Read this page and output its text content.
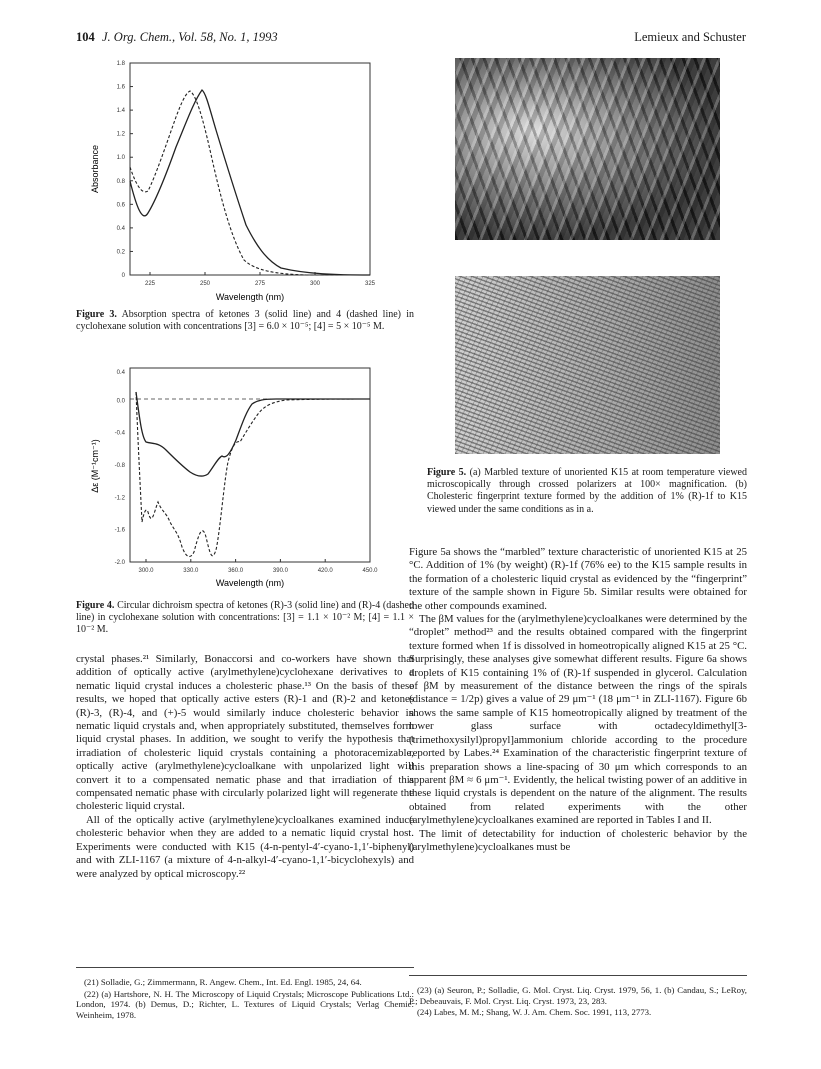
104 J. Org. Chem., Vol. 58, No. 1, 1993	Lemieux and Schuster
0
0.2
0.4
0.6
0.8
1.0
1.2
1.4
1.6
1.8
225	250	275	300	325
Absorbance
Wavelength (nm)
Figure 3. Absorption spectra of ketones 3 (solid line) and 4 (dashed line) in cyclohexane solution with concentrations [3] = 6.0 × 10⁻⁵; [4] = 5 × 10⁻⁵ M.
0.4
0.0
-0.4
-0.8
-1.2
-1.6
-2.0
300.0	330.0	360.0	390.0	420.0	450.0
Δε (M⁻¹cm⁻¹)
Wavelength (nm)
Figure 4. Circular dichroism spectra of ketones (R)-3 (solid line) and (R)-4 (dashed line) in cyclohexane solution with concentrations: [3] = 1.1 × 10⁻² M; [4] = 1.1 × 10⁻² M.

crystal phases.²¹ Similarly, Bonaccorsi and co-workers have shown that addition of optically active (arylmethylene)cyclohexane derivatives to a nematic liquid crystal induces a cholesteric phase.¹³ On the basis of these results, we hoped that optically active esters (R)-1 and (R)-2 and ketones (R)-3, (R)-4, and (+)-5 would similarly induce cholesteric behavior in nematic liquid crystals and, when appropriately substituted, themselves form liquid crystal phases. In addition, we sought to verify the hypothesis that irradiation of cholesteric liquid crystals containing a photoracemizable, optically active (arylmethylene)cycloalkane with unpolarized light will convert it to a compensated nematic phase and that irradiation of this compensated nematic phase with circularly polarized light will regenerate the cholesteric liquid crystal.

All of the optically active (arylmethylene)cycloalkanes examined induce cholesteric behavior when they are added to a nematic liquid crystal host. Experiments were conducted with K15 (4-n-pentyl-4′-cyano-1,1′-biphenyl) and with ZLI-1167 (a mixture of 4-n-alkyl-4′-cyano-1,1′-bicyclohexyls) and were analyzed by optical microscopy.²²

(21) Solladie, G.; Zimmermann, R. Angew. Chem., Int. Ed. Engl. 1985, 24, 64.

(22) (a) Hartshore, N. H. The Microscopy of Liquid Crystals; Microscope Publications Ltd.: London, 1974. (b) Demus, D.; Richter, L. Textures of Liquid Crystals; Verlag Chemie: Weinheim, 1978.

Figure 5. (a) Marbled texture of unoriented K15 at room temperature viewed microscopically through crossed polarizers at 100× magnification. (b) Cholesteric fingerprint texture formed by the addition of 1% (R)-1f to K15 viewed under the same conditions as in a.

Figure 5a shows the “marbled” texture characteristic of unoriented K15 at 25 °C. Addition of 1% (by weight) (R)-1f (76% ee) to the K15 sample results in the formation of a cholesteric liquid crystal as evidenced by the “fingerprint” texture of the sample shown in Figure 5b. Similar results were obtained for the other compounds examined.

The βM values for the (arylmethylene)cycloalkanes were determined by the “droplet” method²³ and the results obtained compared with the fingerprint texture formed when 1f is dissolved in homeotropically aligned K15 at 25 °C. Surprisingly, these analyses give somewhat different results. Figure 6a shows droplets of K15 containing 1% of (R)-1f suspended in glycerol. Calculation of βM by measurement of the distance between the rings of the spirals (distance = 1/2p) gives a value of 29 μm⁻¹ (18 μm⁻¹ in ZLI-1167). Figure 6b shows the same sample of K15 homeotropically aligned by treatment of the lower glass surface with octadecyldimethyl[3-(trimethoxysilyl)propyl]ammonium chloride according to the procedure reported by Labes.²⁴ Examination of the characteristic fingerprint texture of this preparation shows a line-spacing of 30 μm which corresponds to an apparent βM ≈ 6 μm⁻¹. Evidently, the helical twisting power of an additive in these liquid crystals is dependent on the nature of the alignment. The results obtained from related experiments with the other (arylmethylene)cycloalkanes examined are reported in Tables I and II.

The limit of detectability for induction of cholesteric behavior by the (arylmethylene)cycloalkanes must be

(23) (a) Seuron, P.; Solladie, G. Mol. Cryst. Liq. Cryst. 1979, 56, 1. (b) Candau, S.; LeRoy, P.; Debeauvais, F. Mol. Cryst. Liq. Cryst. 1973, 23, 283.

(24) Labes, M. M.; Shang, W. J. Am. Chem. Soc. 1991, 113, 2773.
